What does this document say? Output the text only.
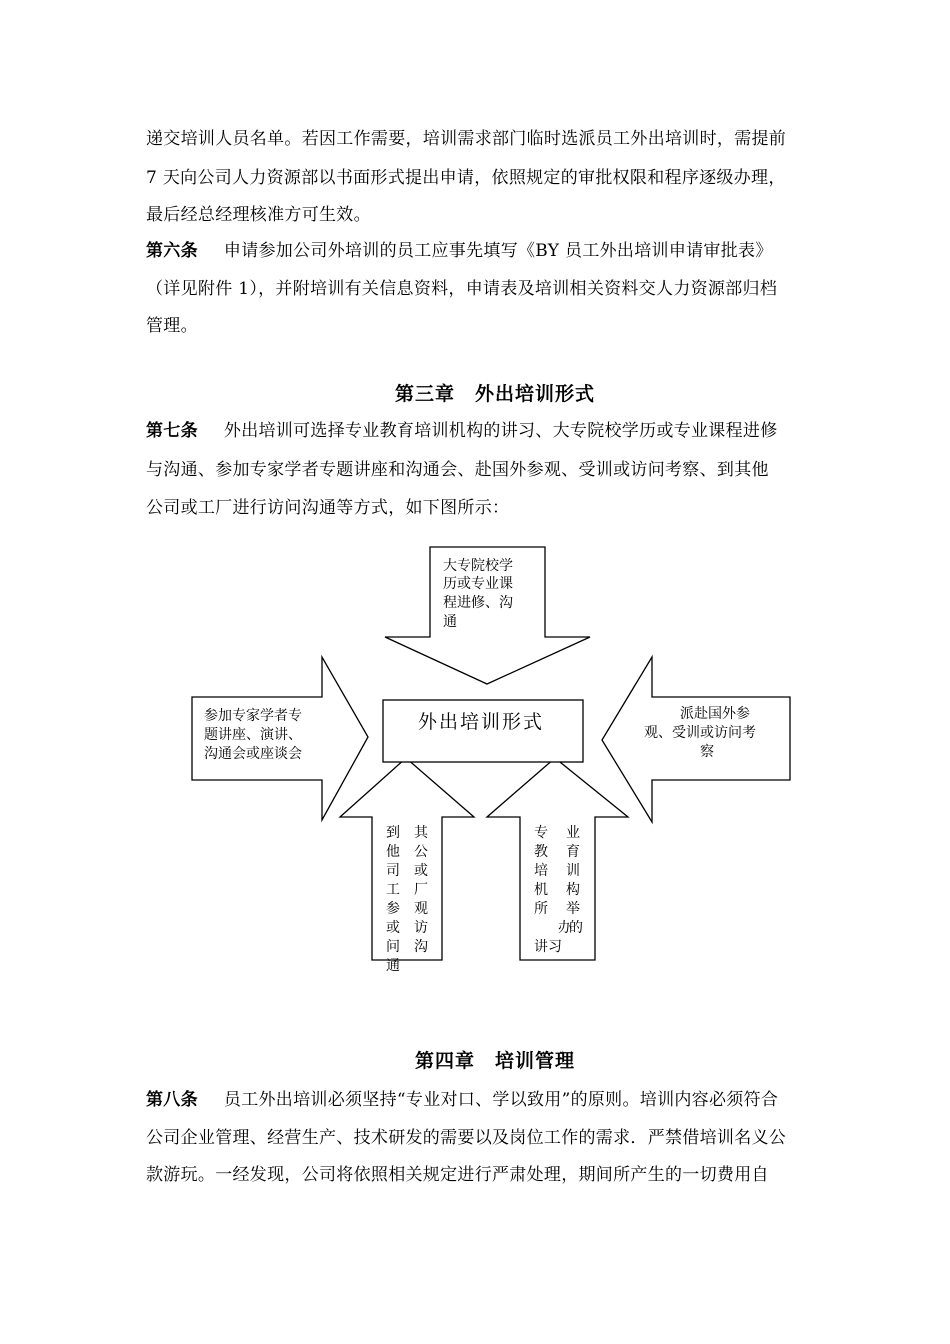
递交培训人员名单。若因工作需要，培训需求部门临时选派员工外出培训时，需提前
7 天向公司人力资源部以书面形式提出申请，依照规定的审批权限和程序逐级办理，
最后经总经理核准方可生效。
第六条 申请参加公司外培训的员工应事先填写《BY 员工外出培训申请审批表》
（详见附件 1），并附培训有关信息资料，申请表及培训相关资料交人力资源部归档
管理。
第三章　外出培训形式
第七条 外出培训可选择专业教育培训机构的讲习、大专院校学历或专业课程进修
与沟通、参加专家学者专题讲座和沟通会、赴国外参观、受训或访问考察、到其他
公司或工厂进行访问沟通等方式，如下图所示：
外出培训形式
大专院校学
历或专业课
程进修、沟
通
参加专家学者专
题讲座、演讲、
沟通会或座谈会
派赴国外参
观、受训或访问考
察
到
他
司
工
参
或
问
通
其
公
或
厂
观
访
沟
专
教
培
机
所
业
育
训
构
举
办
的
讲习
第四章　培训管理
第八条 员工外出培训必须坚持“专业对口、学以致用”的原则。培训内容必须符合
公司企业管理、经营生产、技术研发的需要以及岗位工作的需求．严禁借培训名义公
款游玩。一经发现，公司将依照相关规定进行严肃处理，期间所产生的一切费用自
